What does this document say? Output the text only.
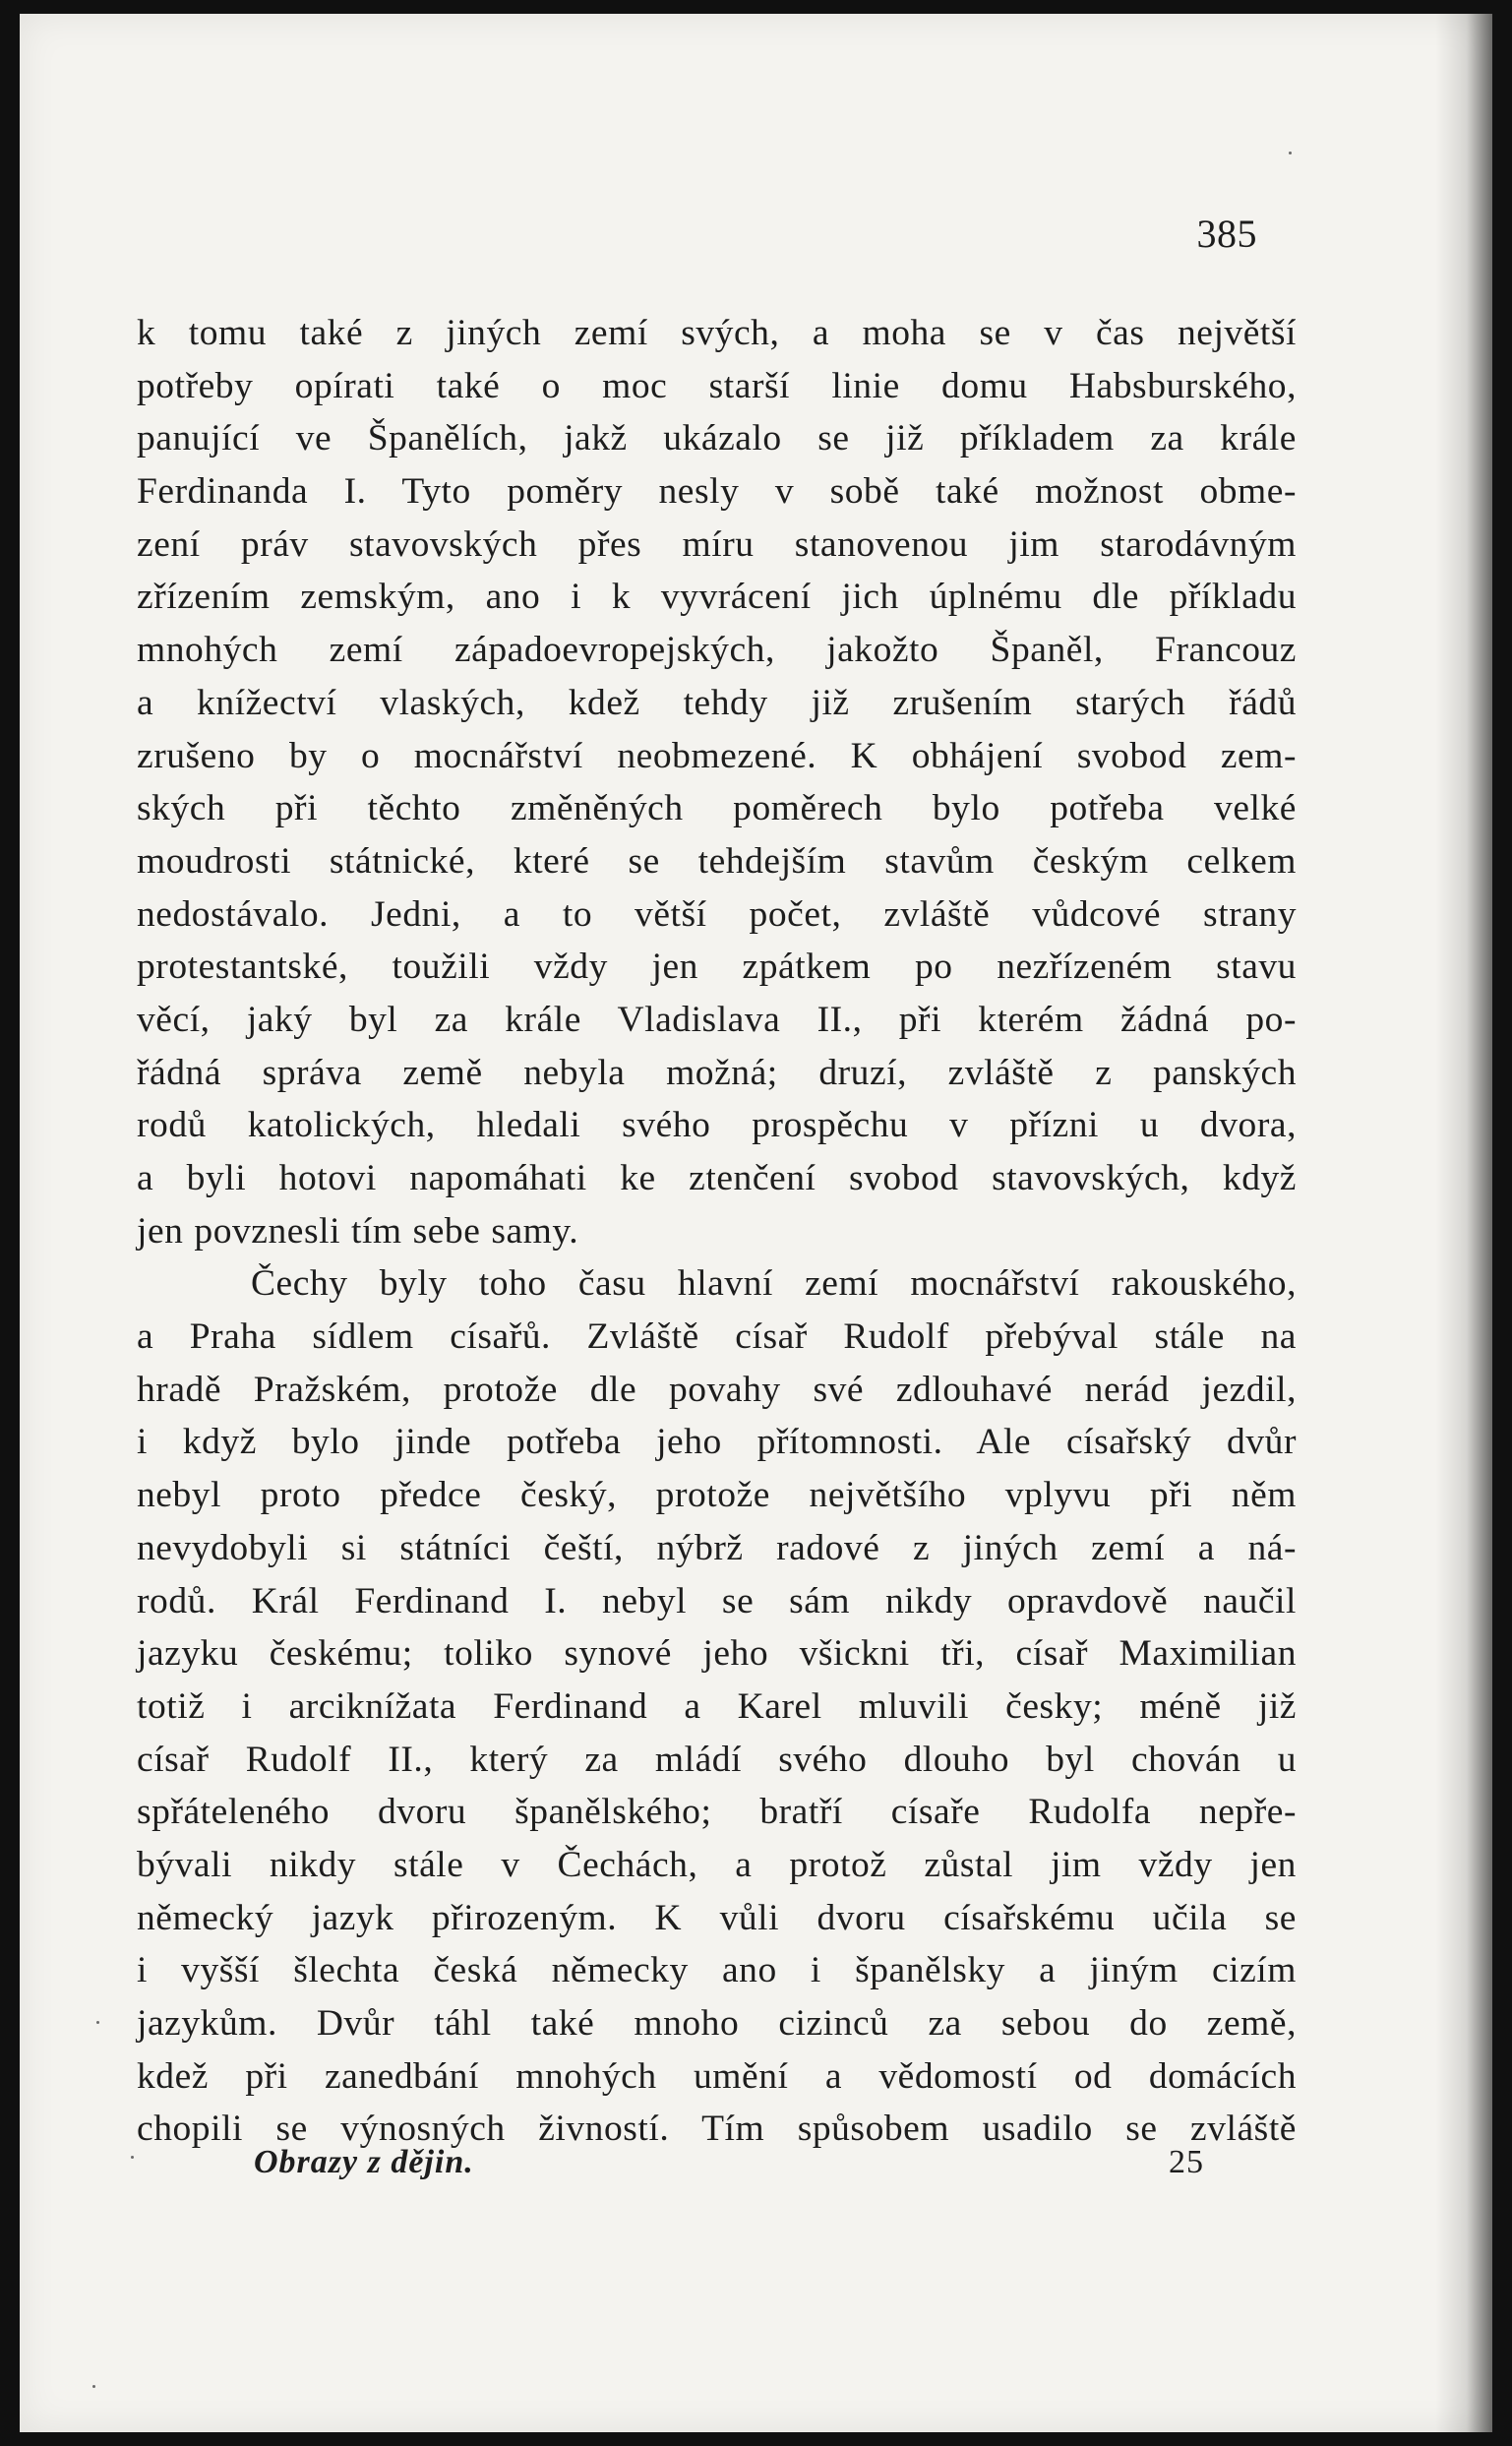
385
k tomu také z jiných zemí svých, a moha se v čas největší
potřeby opírati také o moc starší linie domu Habsburského,
panující ve Španělích, jakž ukázalo se již příkladem za krále
Ferdinanda I. Tyto poměry nesly v sobě také možnost obme-
zení práv stavovských přes míru stanovenou jim starodávným
zřízením zemským, ano i k vyvrácení jich úplnému dle příkladu
mnohých zemí západoevropejských, jakožto Španěl, Francouz
a knížectví vlaských, kdež tehdy již zrušením starých řádů
zrušeno by o mocnářství neobmezené. K obhájení svobod zem-
ských při těchto změněných poměrech bylo potřeba velké
moudrosti státnické, které se tehdejším stavům českým celkem
nedostávalo. Jedni, a to větší počet, zvláště vůdcové strany
protestantské, toužili vždy jen zpátkem po nezřízeném stavu
věcí, jaký byl za krále Vladislava II., při kterém žádná po-
řádná správa země nebyla možná; druzí, zvláště z panských
rodů katolických, hledali svého prospěchu v přízni u dvora,
a byli hotovi napomáhati ke ztenčení svobod stavovských, když
jen povznesli tím sebe samy.
Čechy byly toho času hlavní zemí mocnářství rakouského,
a Praha sídlem císařů. Zvláště císař Rudolf přebýval stále na
hradě Pražském, protože dle povahy své zdlouhavé nerád jezdil,
i když bylo jinde potřeba jeho přítomnosti. Ale císařský dvůr
nebyl proto předce český, protože největšího vplyvu při něm
nevydobyli si státníci čeští, nýbrž radové z jiných zemí a ná-
rodů. Král Ferdinand I. nebyl se sám nikdy opravdově naučil
jazyku českému; toliko synové jeho všickni tři, císař Maximilian
totiž i arciknížata Ferdinand a Karel mluvili česky; méně již
císař Rudolf II., který za mládí svého dlouho byl chován u
spřáteleného dvoru španělského; bratří císaře Rudolfa nepře-
bývali nikdy stále v Čechách, a protož zůstal jim vždy jen
německý jazyk přirozeným. K vůli dvoru císařskému učila se
i vyšší šlechta česká německy ano i španělsky a jiným cizím
jazykům. Dvůr táhl také mnoho cizinců za sebou do země,
kdež při zanedbání mnohých umění a vědomostí od domácích
chopili se výnosných živností. Tím spůsobem usadilo se zvláště
Obrazy z dějin.	25
